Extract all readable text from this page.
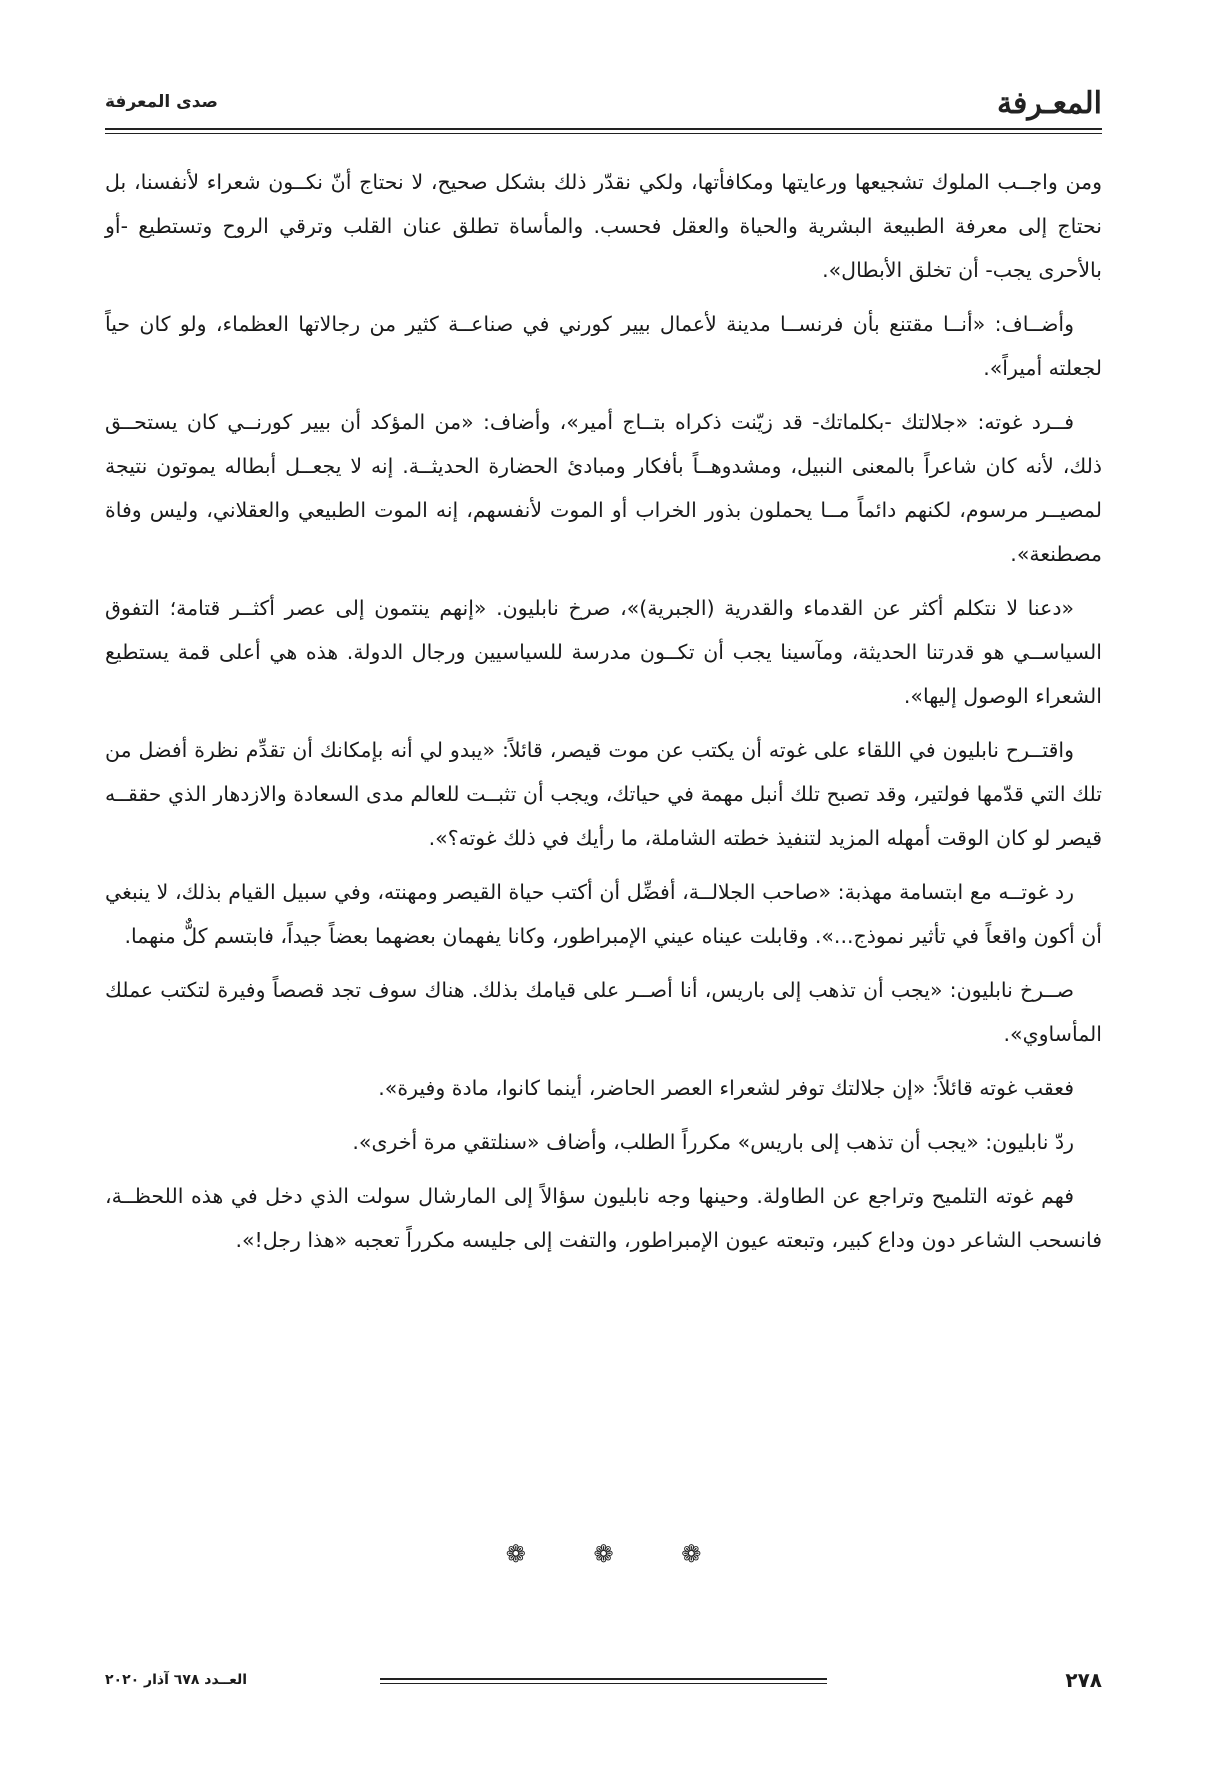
المعـرفة
صدى المعرفة

ومن واجــب الملوك تشجيعها ورعايتها ومكافأتها، ولكي نقدّر ذلك بشكل صحيح، لا نحتاج أنّ نكــون شعراء لأنفسنا، بل نحتاج إلى معرفة الطبيعة البشرية والحياة والعقل فحسب. والمأساة تطلق عنان القلب وترقي الروح وتستطيع -أو بالأحرى يجب- أن تخلق الأبطال».

وأضــاف: «أنــا مقتنع بأن فرنســا مدينة لأعمال بيير كورني في صناعــة كثير من رجالاتها العظماء، ولو كان حياً لجعلته أميراً».

فــرد غوته: «جلالتك -بكلماتك- قد زيّنت ذكراه بتــاج أمير»، وأضاف: «من المؤكد أن بيير كورنــي كان يستحــق ذلك، لأنه كان شاعراً بالمعنى النبيل، ومشدوهــاً بأفكار ومبادئ الحضارة الحديثــة. إنه لا يجعــل أبطاله يموتون نتيجة لمصيــر مرسوم، لكنهم دائماً مــا يحملون بذور الخراب أو الموت لأنفسهم، إنه الموت الطبيعي والعقلاني، وليس وفاة مصطنعة».

«دعنا لا نتكلم أكثر عن القدماء والقدرية (الجبرية)»، صرخ نابليون. «إنهم ينتمون إلى عصر أكثــر قتامة؛ التفوق السياســي هو قدرتنا الحديثة، ومآسينا يجب أن تكــون مدرسة للسياسيين ورجال الدولة. هذه هي أعلى قمة يستطيع الشعراء الوصول إليها».

واقتــرح نابليون في اللقاء على غوته أن يكتب عن موت قيصر، قائلاً: «يبدو لي أنه بإمكانك أن تقدِّم نظرة أفضل من تلك التي قدّمها فولتير، وقد تصبح تلك أنبل مهمة في حياتك، ويجب أن تثبــت للعالم مدى السعادة والازدهار الذي حققــه قيصر لو كان الوقت أمهله المزيد لتنفيذ خطته الشاملة، ما رأيك في ذلك غوته؟».

رد غوتــه مع ابتسامة مهذبة: «صاحب الجلالــة، أفضِّل أن أكتب حياة القيصر ومهنته، وفي سبيل القيام بذلك، لا ينبغي أن أكون واقعاً في تأثير نموذج...». وقابلت عيناه عيني الإمبراطور، وكانا يفهمان بعضهما بعضاً جيداً، فابتسم كلٌّ منهما.

صــرخ نابليون: «يجب أن تذهب إلى باريس، أنا أصــر على قيامك بذلك. هناك سوف تجد قصصاً وفيرة لتكتب عملك المأساوي».

فعقب غوته قائلاً: «إن جلالتك توفر لشعراء العصر الحاضر، أينما كانوا، مادة وفيرة».

ردّ نابليون: «يجب أن تذهب إلى باريس» مكرراً الطلب، وأضاف «سنلتقي مرة أخرى».

فهم غوته التلميح وتراجع عن الطاولة. وحينها وجه نابليون سؤالاً إلى المارشال سولت الذي دخل في هذه اللحظــة، فانسحب الشاعر دون وداع كبير، وتبعته عيون الإمبراطور، والتفت إلى جليسه مكرراً تعجبه «هذا رجل!».

❁	❁	❁
٢٧٨
العــدد ٦٧٨ آذار ٢٠٢٠
